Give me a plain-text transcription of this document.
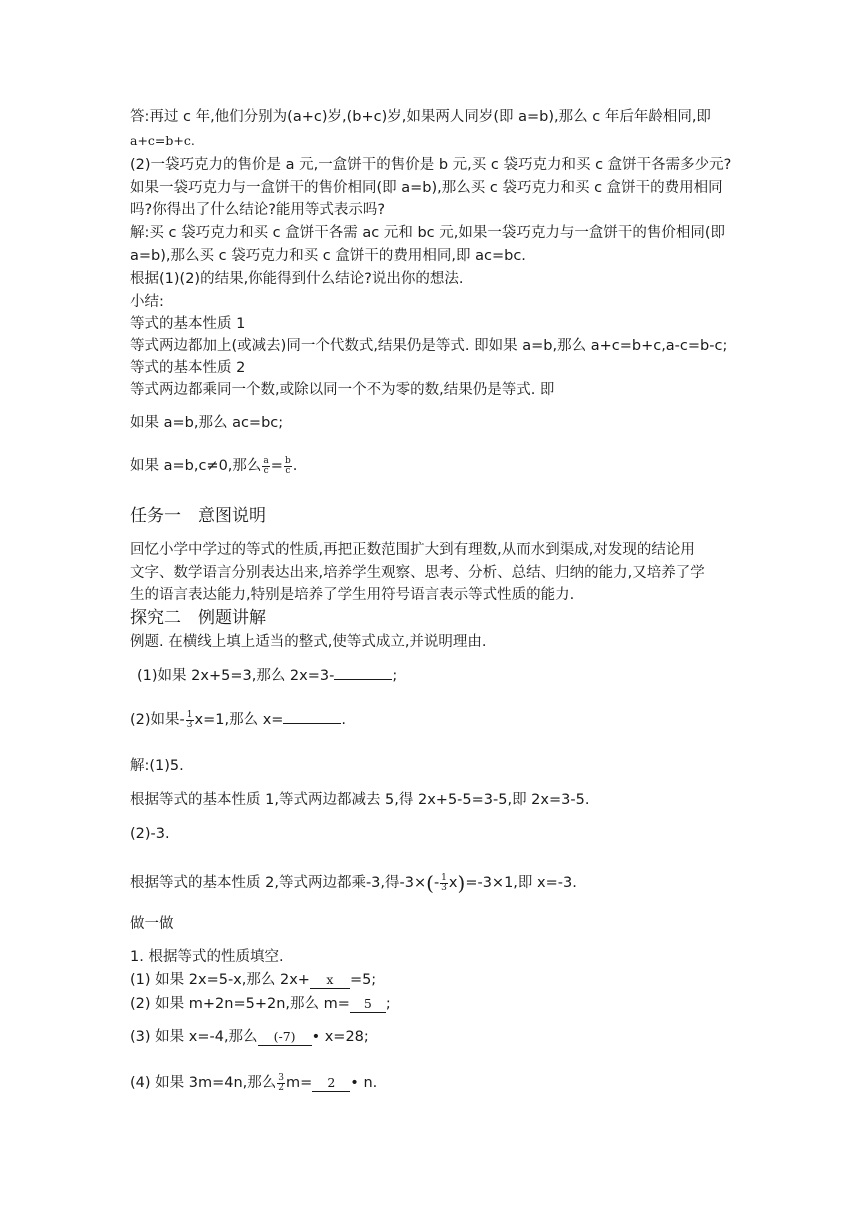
答:再过 c 年,他们分别为(a+c)岁,(b+c)岁,如果两人同岁(即 a=b),那么 c 年后年龄相同,即
a+c=b+c.
(2)一袋巧克力的售价是 a 元,一盒饼干的售价是 b 元,买 c 袋巧克力和买 c 盒饼干各需多少元?
如果一袋巧克力与一盒饼干的售价相同(即 a=b),那么买 c 袋巧克力和买 c 盒饼干的费用相同
吗?你得出了什么结论?能用等式表示吗?
解:买 c 袋巧克力和买 c 盒饼干各需 ac 元和 bc 元,如果一袋巧克力与一盒饼干的售价相同(即
a=b),那么买 c 袋巧克力和买 c 盒饼干的费用相同,即 ac=bc.
根据(1)(2)的结果,你能得到什么结论?说出你的想法.
小结:
等式的基本性质 1
等式两边都加上(或减去)同一个代数式,结果仍是等式. 即如果 a=b,那么 a+c=b+c,a-c=b-c;
等式的基本性质 2
等式两边都乘同一个数,或除以同一个不为零的数,结果仍是等式. 即
如果 a=b,那么 ac=bc;
如果 a=b,c≠0,那么 $\frac{a}{c} = \frac{b}{c}$ .
任务一　意图说明
回忆小学中学过的等式的性质,再把正数范围扩大到有理数,从而水到渠成,对发现的结论用
文字、数学语言分别表达出来,培养学生观察、思考、分析、总结、归纳的能力,又培养了学
生的语言表达能力,特别是培养了学生用符号语言表示等式性质的能力.
探究二　例题讲解
例题. 在横线上填上适当的整式,使等式成立,并说明理由.
(1)如果 2x+5=3,那么 2x=3-	;
(2)如果- $\frac{1}{3} x=1$,那么 x=	.
解:(1)5.
根据等式的基本性质 1,等式两边都减去 5,得 2x+5-5=3-5,即 2x=3-5.
(2)-3.
根据等式的基本性质 2,等式两边都乘-3,得$-3\times(- \frac{1}{3} x)=-3\times 1$,即 x=-3.
做一做
1. 根据等式的性质填空.
(1) 如果 2x=5-x,那么 2x+ x =5;
(2) 如果 m+2n=5+2n,那么 m= 5 ;
(3) 如果 x=-4,那么 (-7) • x=28;
(4) 如果 3m=4n,那么 $\frac{3}{2} m= 2$ • n.
